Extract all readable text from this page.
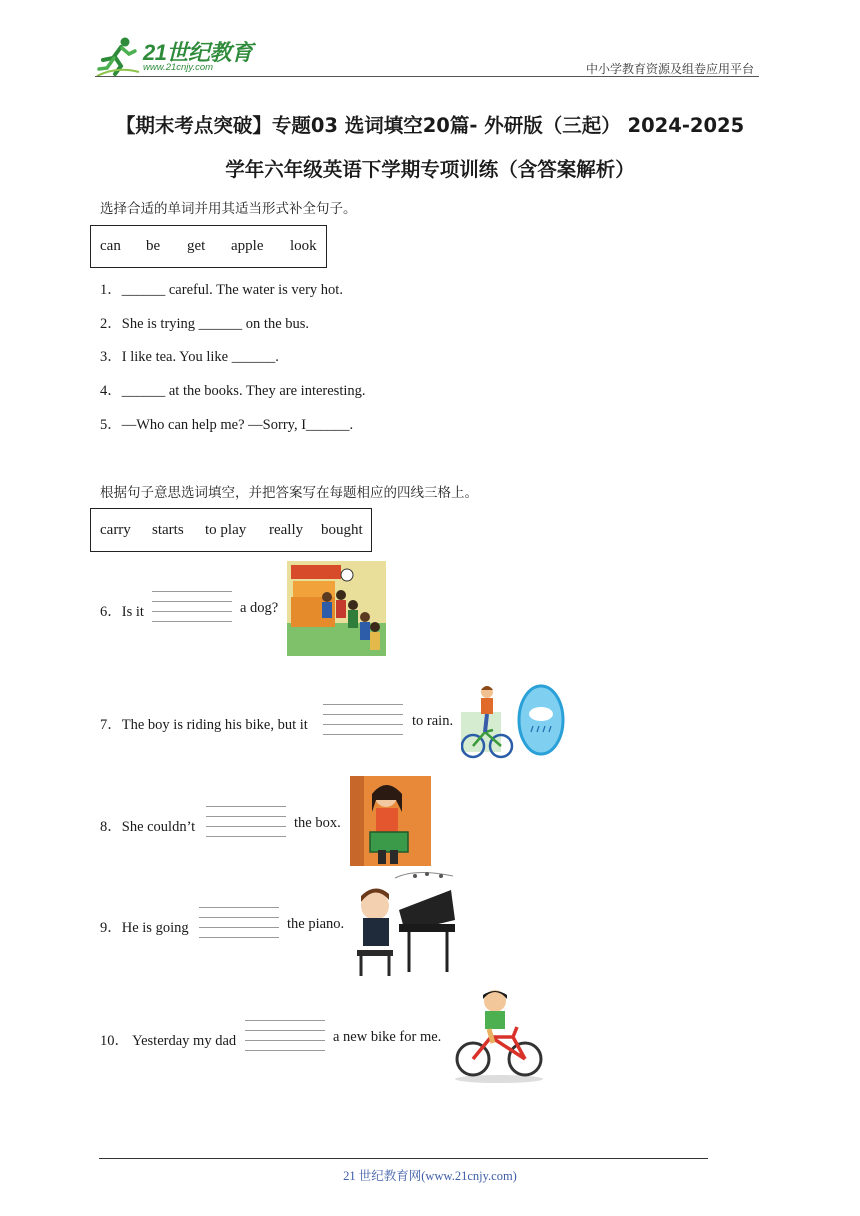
21世纪教育
www.21cnjy.com	中小学教育资源及组卷应用平台
【期末考点突破】专题03 选词填空20篇- 外研版（三起） 2024-2025
学年六年级英语下学期专项训练（含答案解析）
选择合适的单词并用其适当形式补全句子。
can be get apple look
1．______ careful. The water is very hot.
2．She is trying ______ on the bus.
3．I like tea. You like ______.
4．______ at the books. They are interesting.
5．—Who can help me? —Sorry, I______.
根据句子意思选词填空，并把答案写在每题相应的四线三格上。
carry starts to play really bought
6．Is it	a dog?
7．The boy is riding his bike, but it	to rain.
8．She couldn’t	the box.
9．He is going	the piano.
10． Yesterday my dad	a new bike for me.
21 世纪教育网(www.21cnjy.com)
